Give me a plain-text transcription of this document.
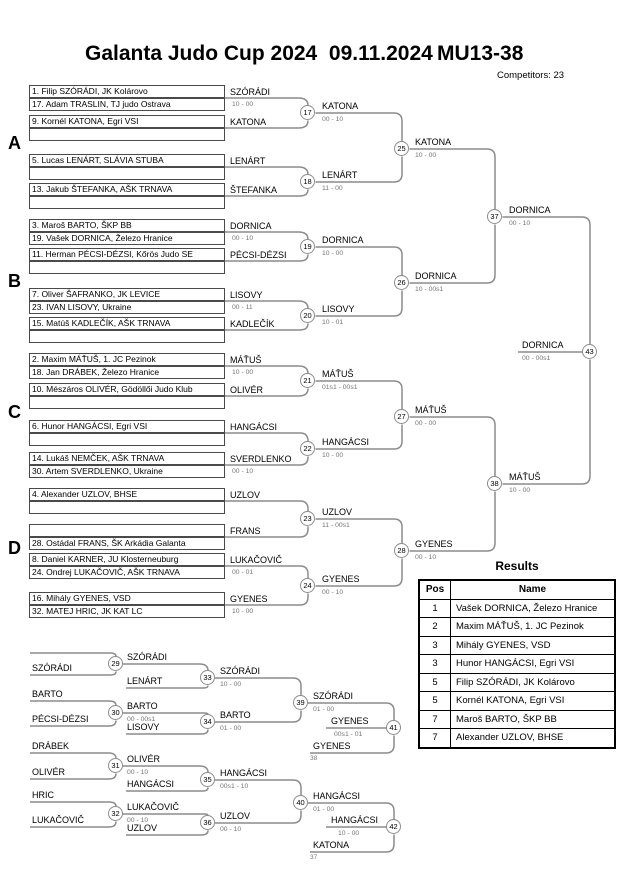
Galanta Judo Cup 2024  09.11.2024 MU13-38
Competitors: 23
A
B
C
D
Results
Pos	Name
1	Vašek DORNICA, Železo Hranice
2	Maxim MÁŤUŠ, 1. JC Pezinok
3	Mihály GYENES, VSD
3	Hunor HANGÁCSI, Egri VSI
5	Filip SZÓRÁDI, JK Kolárovo
5	Kornél KATONA, Egri VSI
7	Maroš BARTO, ŠKP BB
7	Alexander UZLOV, BHSE
1. Filip SZÓRÁDI, JK Kolárovo
17. Adam TRASLIN, TJ judo Ostrava
SZÓRÁDI
10 - 00
9. Kornél KATONA, Egri VSI	KATONA
5. Lucas LENÁRT, SLÁVIA STUBA	LENÁRT
13. Jakub ŠTEFANKA, AŠK TRNAVA	ŠTEFANKA
3. Maroš BARTO, ŠKP BB
19. Vašek DORNICA, Železo Hranice
DORNICA
00 - 10
11. Herman PÉCSI-DÉZSI, Kőrös Judo SE	PÉCSI-DÉZSI
7. Oliver ŠAFRANKO, JK LEVICE
23. IVAN LISOVY, Ukraine
LISOVY
00 - 11
15. Matúš KADLEČÍK, AŠK TRNAVA	KADLEČÍK
2. Maxim MÁŤUŠ, 1. JC Pezinok
18. Jan DRÁBEK, Železo Hranice
MÁŤUŠ
10 - 00
10. Mészáros OLIVÉR, Gödöllői Judo Klub	OLIVÉR
6. Hunor HANGÁCSI, Egri VSI	HANGÁCSI
14. Lukáš NEMČEK, AŠK TRNAVA
30. Artem SVERDLENKO, Ukraine
SVERDLENKO
00 - 10
4. Alexander UZLOV, BHSE	UZLOV
28. Ostádal FRANS, ŠK Arkádia Galanta
FRANS
8. Daniel KARNER, JU Klosterneuburg
24. Ondrej LUKAČOVIČ, AŠK TRNAVA
LUKAČOVIČ
00 - 01
16. Mihály GYENES, VSD
32. MATEJ HRIC, JK KAT LC
GYENES
10 - 00
KATONA
00 - 10
LENÁRT
11 - 00
DORNICA
10 - 00
LISOVY
10 - 01
MÁŤUŠ
01s1 - 00s1
HANGÁCSI
10 - 00
UZLOV
11 - 00s1
GYENES
00 - 10
KATONA
10 - 00
DORNICA
10 - 00s1
MÁŤUŠ
00 - 00
GYENES
00 - 10
DORNICA
00 - 10
MÁŤUŠ
10 - 00
DORNICA
00 - 00s1
17
18
19
20
21
22
23
24
25
26
27
28
37
38
43
SZÓRÁDI
BARTO
PÉCSI-DÉZSI
DRÁBEK
OLIVÉR
HRIC
LUKAČOVIČ
SZÓRÁDI
LENÁRT
BARTO
00 - 00s1
LISOVY
OLIVÉR
00 - 10
HANGÁCSI
LUKAČOVIČ
00 - 10
UZLOV
SZÓRÁDI
10 - 00
BARTO
01 - 00
HANGÁCSI
00s1 - 10
UZLOV
00 - 10
SZÓRÁDI
01 - 00
GYENES
38
HANGÁCSI
01 - 00
KATONA
37
GYENES
00s1 - 01
HANGÁCSI
10 - 00
29
30
31
32
33
34
35
36
39
40
41
42
